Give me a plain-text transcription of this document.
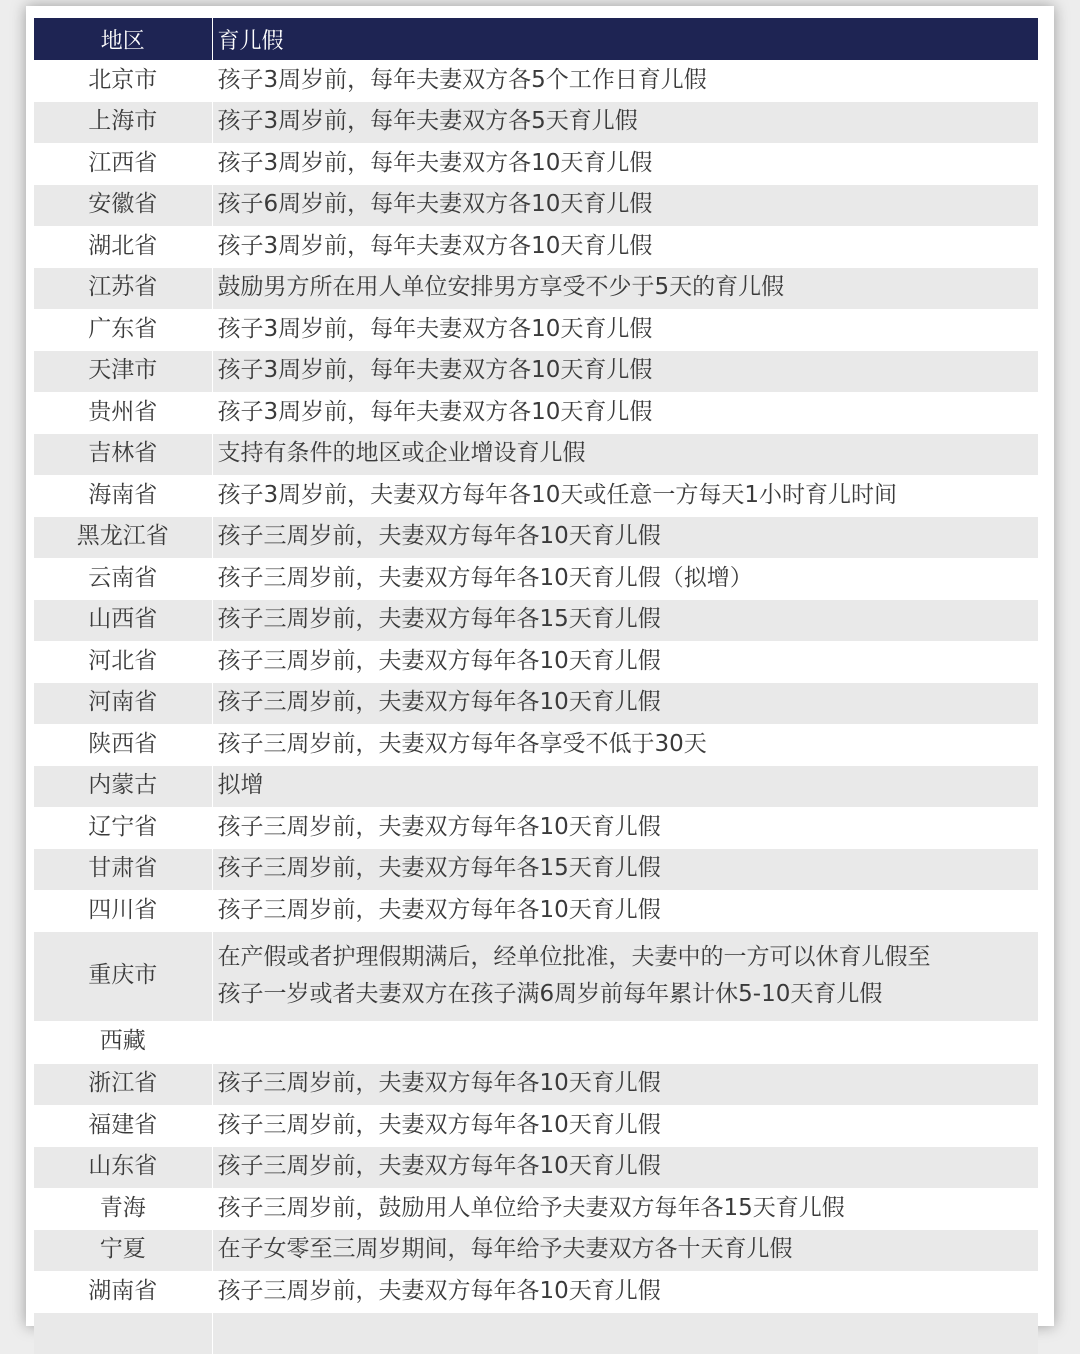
地区	育儿假
北京市	孩子3周岁前，每年夫妻双方各5个工作日育儿假
上海市	孩子3周岁前，每年夫妻双方各5天育儿假
江西省	孩子3周岁前，每年夫妻双方各10天育儿假
安徽省	孩子6周岁前，每年夫妻双方各10天育儿假
湖北省	孩子3周岁前，每年夫妻双方各10天育儿假
江苏省	鼓励男方所在用人单位安排男方享受不少于5天的育儿假
广东省	孩子3周岁前，每年夫妻双方各10天育儿假
天津市	孩子3周岁前，每年夫妻双方各10天育儿假
贵州省	孩子3周岁前，每年夫妻双方各10天育儿假
吉林省	支持有条件的地区或企业增设育儿假
海南省	孩子3周岁前，夫妻双方每年各10天或任意一方每天1小时育儿时间
黑龙江省	孩子三周岁前，夫妻双方每年各10天育儿假
云南省	孩子三周岁前，夫妻双方每年各10天育儿假（拟增）
山西省	孩子三周岁前，夫妻双方每年各15天育儿假
河北省	孩子三周岁前，夫妻双方每年各10天育儿假
河南省	孩子三周岁前，夫妻双方每年各10天育儿假
陕西省	孩子三周岁前，夫妻双方每年各享受不低于30天
内蒙古	拟增
辽宁省	孩子三周岁前，夫妻双方每年各10天育儿假
甘肃省	孩子三周岁前，夫妻双方每年各15天育儿假
四川省	孩子三周岁前，夫妻双方每年各10天育儿假
重庆市	在产假或者护理假期满后，经单位批准，夫妻中的一方可以休育儿假至
孩子一岁或者夫妻双方在孩子满6周岁前每年累计休5-10天育儿假
西藏	
浙江省	孩子三周岁前，夫妻双方每年各10天育儿假
福建省	孩子三周岁前，夫妻双方每年各10天育儿假
山东省	孩子三周岁前，夫妻双方每年各10天育儿假
青海	孩子三周岁前，鼓励用人单位给予夫妻双方每年各15天育儿假
宁夏	在子女零至三周岁期间，每年给予夫妻双方各十天育儿假
湖南省	孩子三周岁前，夫妻双方每年各10天育儿假
